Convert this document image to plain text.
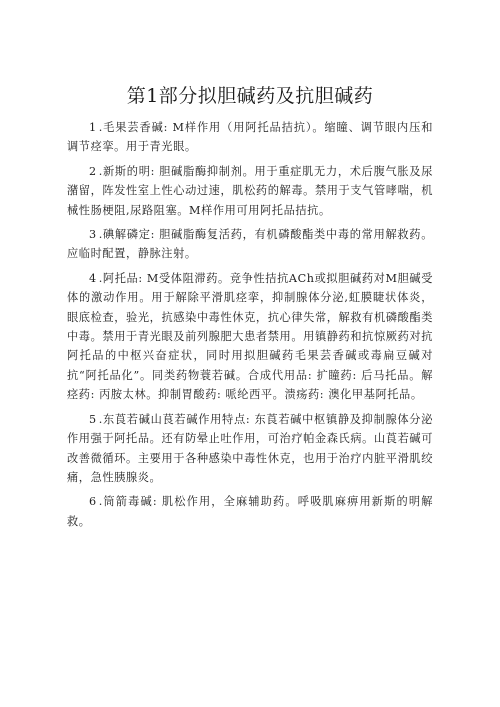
第1部分拟胆碱药及抗胆碱药

1 .毛果芸香碱: M样作用（用阿托品拮抗）。缩瞳、调节眼内压和调节痉挛。用于青光眼。

2 .新斯的明: 胆碱脂酶抑制剂。用于重症肌无力，术后腹气胀及尿潴留，阵发性室上性心动过速，肌松药的解毒。禁用于支气管哮喘，机械性肠梗阻,尿路阻塞。M样作用可用阿托品拮抗。

3 .碘解磷定: 胆碱脂酶复活药，有机磷酸酯类中毒的常用解救药。应临时配置，静脉注射。

4 .阿托品: M受体阻滞药。竞争性拮抗ACh或拟胆碱药对M胆碱受体的激动作用。用于解除平滑肌痉挛，抑制腺体分泌,虹膜睫状体炎，眼底检查，验光，抗感染中毒性休克，抗心律失常，解救有机磷酸酯类中毒。禁用于青光眼及前列腺肥大患者禁用。用镇静药和抗惊厥药对抗阿托品的中枢兴奋症状，同时用拟胆碱药毛果芸香碱或毒扁豆碱对抗“阿托品化”。同类药物蓑若碱。合成代用品: 扩瞳药: 后马托品。解痉药: 丙胺太林。抑制胃酸药: 哌纶西平。溃疡药: 澳化甲基阿托品。

5 .东莨若碱山茛若碱作用特点: 东莨若碱中枢镇静及抑制腺体分泌作用强于阿托品。还有防晕止吐作用，可治疗帕金森氏病。山莨若碱可改善微循环。主要用于各种感染中毒性休克，也用于治疗内脏平滑肌绞痛，急性胰腺炎。

6 .筒箭毒碱: 肌松作用，全麻辅助药。呼吸肌麻痹用新斯的明解救。
